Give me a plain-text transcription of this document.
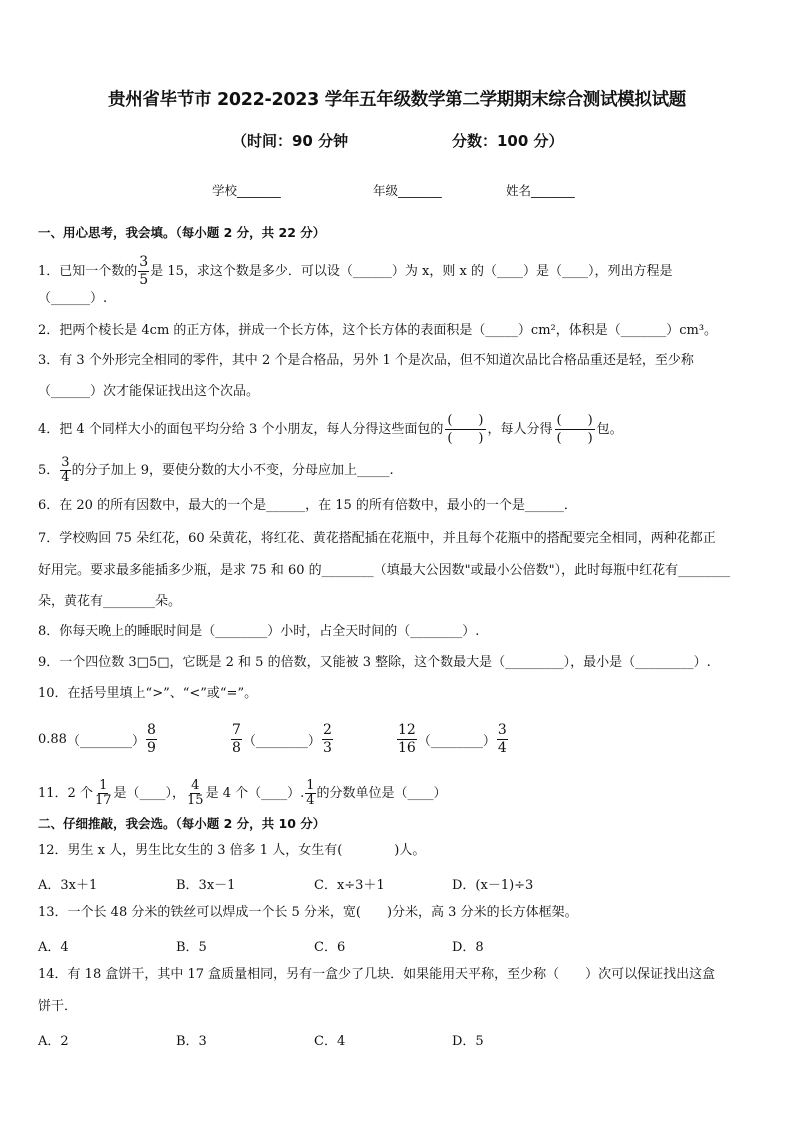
贵州省毕节市 2022-2023 学年五年级数学第二学期期末综合测试模拟试题
（时间：90 分钟	分数：100 分）
学校_______	年级_______	姓名_______
一、用心思考，我会填。（每小题 2 分，共 22 分）
1．已知一个数的 $\frac{3}{5}$ 是 15，求这个数是多少．可以设（______）为 x，则 x 的（____）是（____），列出方程是
（______）.
2．把两个棱长是 4cm 的正方体，拼成一个长方体，这个长方体的表面积是（_____）cm²，体积是（_______）cm³。
3．有 3 个外形完全相同的零件，其中 2 个是合格品，另外 1 个是次品，但不知道次品比合格品重还是轻，至少称
（______）次才能保证找出这个次品。
4．把 4 个同样大小的面包平均分给 3 个小朋友，每人分得这些面包的 $\frac{( )}{( )}$ ，每人分得 $\frac{( )}{( )}$ 包。
5． $\frac{3}{4}$ 的分子加上 9，要使分数的大小不变，分母应加上_____.
6．在 20 的所有因数中，最大的一个是______，在 15 的所有倍数中，最小的一个是______．
7．学校购回 75 朵红花，60 朵黄花，将红花、黄花搭配插在花瓶中，并且每个花瓶中的搭配要完全相同，两种花都正
好用完。要求最多能插多少瓶，是求 75 和 60 的________（填最大公因数"或最小公倍数"），此时每瓶中红花有________
朵，黄花有________朵。
8．你每天晚上的睡眠时间是（________）小时，占全天时间的（________）.
9．一个四位数 3□5□，它既是 2 和 5 的倍数，又能被 3 整除，这个数最大是（_________），最小是（_________）.
10．在括号里填上“>”、“<”或“=”。
0.88 （________） $\frac{8}{9}$	$\frac{7}{8}$ （________） $\frac{2}{3}$	$\frac{12}{16}$ （________） $\frac{3}{4}$
11．2 个 $\frac{1}{17}$ 是（____）， $\frac{4}{15}$ 是 4 个（____）. $\frac{1}{4}$ 的分数单位是（____）
二、仔细推敲，我会选。（每小题 2 分，共 10 分）
12．男生 x 人，男生比女生的 3 倍多 1 人，女生有(　　　　)人。
A．3x＋1	B．3x－1	C．x÷3＋1	D．(x－1)÷3
13．一个长 48 分米的铁丝可以焊成一个长 5 分米，宽(　　)分米，高 3 分米的长方体框架。
A．4	B．5	C．6	D．8
14．有 18 盒饼干，其中 17 盒质量相同，另有一盒少了几块．如果能用天平称，至少称（　　）次可以保证找出这盒
饼干．
A．2	B．3	C．4	D．5
